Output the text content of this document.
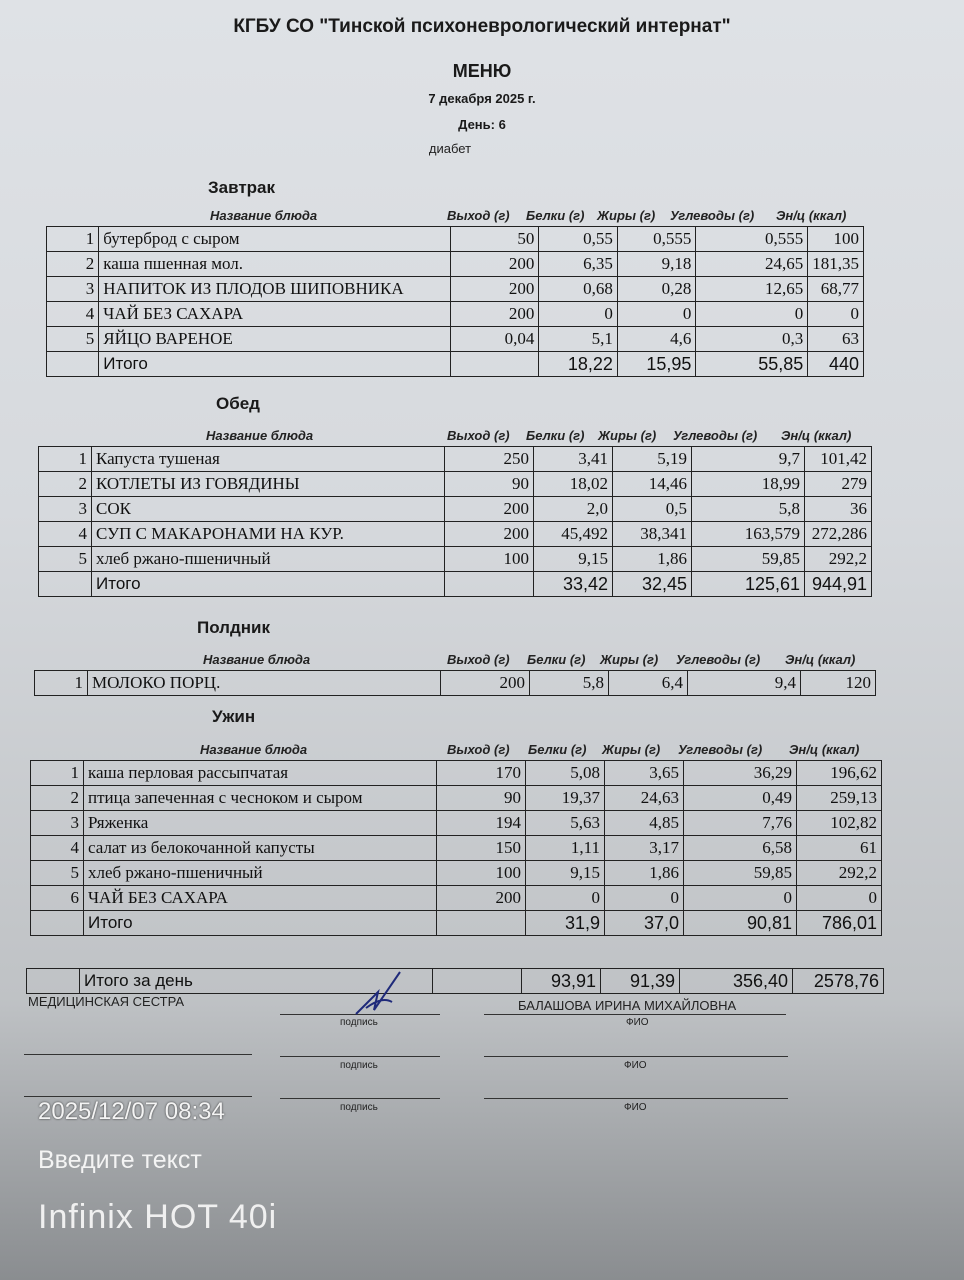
КГБУ СО "Тинской психоневрологический интернат"
МЕНЮ
7 декабря 2025 г.
День: 6
диабет
Завтрак
Название блюда	Выход (г) Белки (г) Жиры (г) Углеводы (г) Эн/ц (ккал)
1	бутерброд с сыром	50	0,55	0,555	0,555	100
2	каша пшенная мол.	200	6,35	9,18	24,65	181,35
3	НАПИТОК ИЗ ПЛОДОВ ШИПОВНИКА	200	0,68	0,28	12,65	68,77
4	ЧАЙ БЕЗ САХАРА	200	0	0	0	0
5	ЯЙЦО ВАРЕНОЕ	0,04	5,1	4,6	0,3	63
	Итого		18,22	15,95	55,85	440
Обед
Название блюда	Выход (г) Белки (г) Жиры (г) Углеводы (г) Эн/ц (ккал)
1	Капуста тушеная	250	3,41	5,19	9,7	101,42
2	КОТЛЕТЫ ИЗ ГОВЯДИНЫ	90	18,02	14,46	18,99	279
3	СОК	200	2,0	0,5	5,8	36
4	СУП С МАКАРОНАМИ НА КУР.	200	45,492	38,341	163,579	272,286
5	хлеб ржано-пшеничный	100	9,15	1,86	59,85	292,2
	Итого		33,42	32,45	125,61	944,91
Полдник
Название блюда	Выход (г) Белки (г) Жиры (г) Углеводы (г) Эн/ц (ккал)
1	МОЛОКО ПОРЦ.	200	5,8	6,4	9,4	120
Ужин
Название блюда	Выход (г) Белки (г) Жиры (г) Углеводы (г) Эн/ц (ккал)
1	каша перловая рассыпчатая	170	5,08	3,65	36,29	196,62
2	птица запеченная с чесноком и сыром	90	19,37	24,63	0,49	259,13
3	Ряженка	194	5,63	4,85	7,76	102,82
4	салат из белокочанной капусты	150	1,11	3,17	6,58	61
5	хлеб ржано-пшеничный	100	9,15	1,86	59,85	292,2
6	ЧАЙ БЕЗ САХАРА	200	0	0	0	0
	Итого		31,9	37,0	90,81	786,01
	Итого за день		93,91	91,39	356,40	2578,76
МЕДИЦИНСКАЯ СЕСТРА
подпись
БАЛАШОВА ИРИНА МИХАЙЛОВНА
ФИО
подпись	ФИО
подпись	ФИО
2025/12/07 08:34
Введите текст
Infinix HOT 40i
